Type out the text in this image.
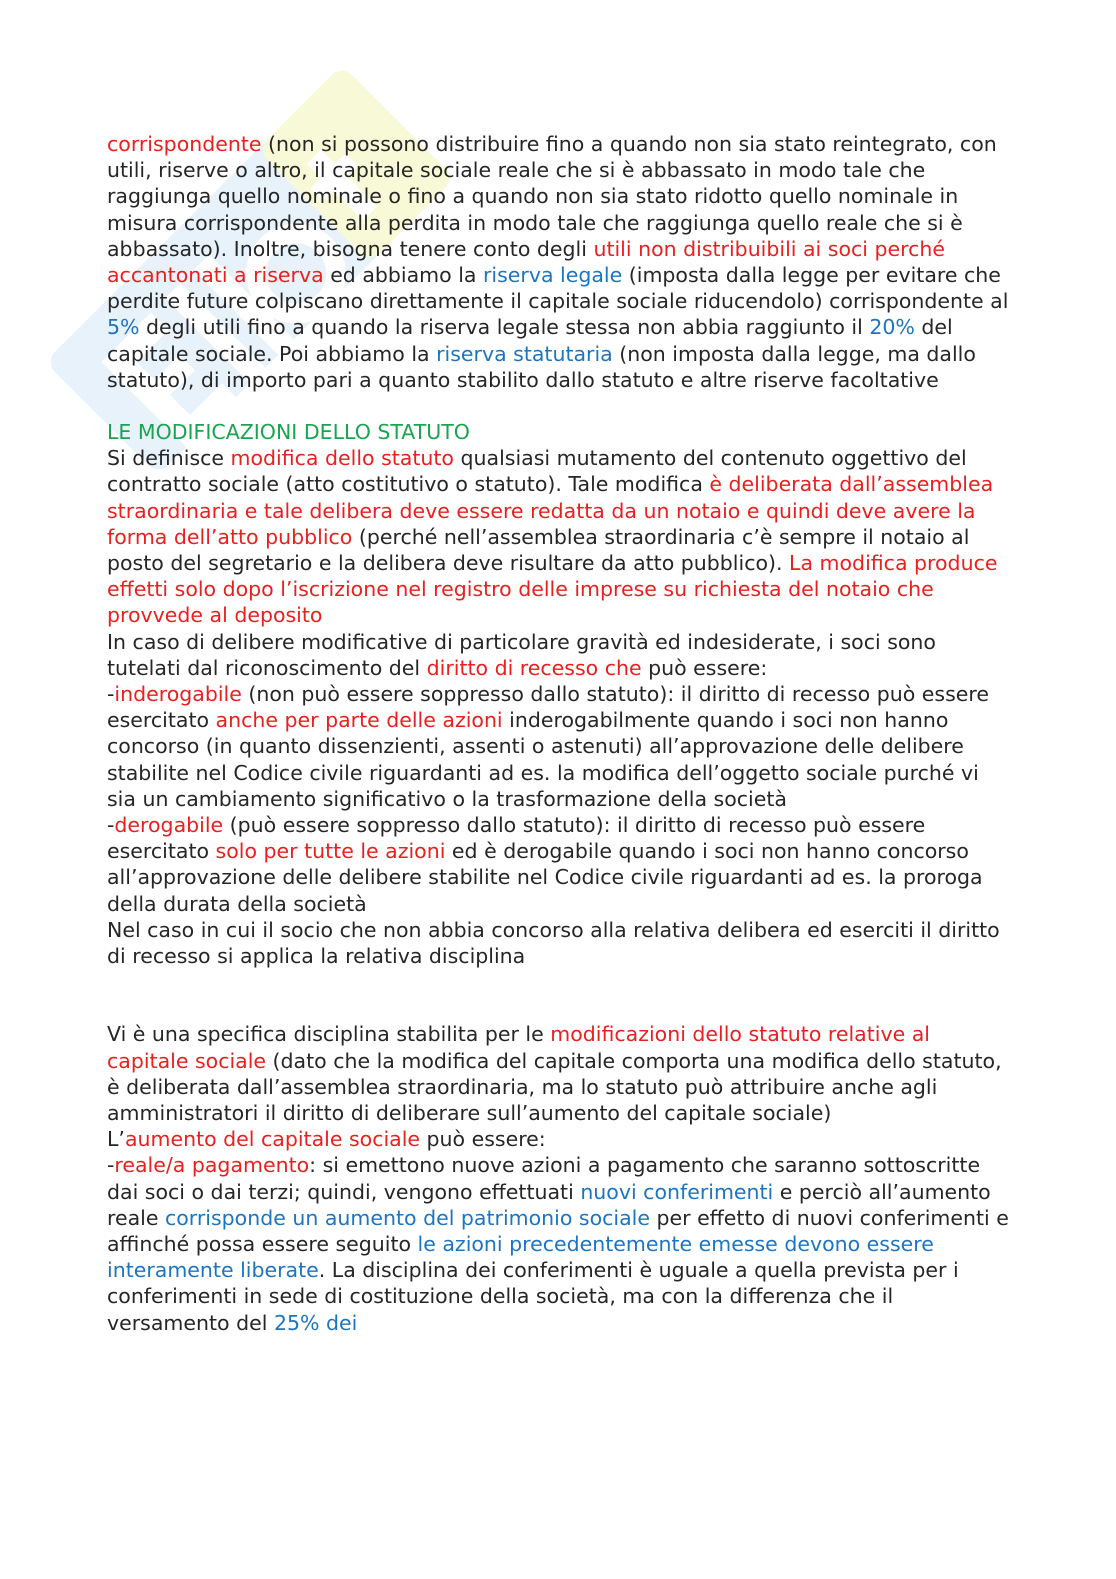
corrispondente (non si possono distribuire fino a quando non sia stato reintegrato, con utili, riserve o altro, il capitale sociale reale che si è abbassato in modo tale che raggiunga quello nominale o fino a quando non sia stato ridotto quello nominale in misura corrispondente alla perdita in modo tale che raggiunga quello reale che si è abbassato). Inoltre, bisogna tenere conto degli utili non distribuibili ai soci perché accantonati a riserva ed abbiamo la riserva legale (imposta dalla legge per evitare che perdite future colpiscano direttamente il capitale sociale riducendolo) corrispondente al 5% degli utili fino a quando la riserva legale stessa non abbia raggiunto il 20% del capitale sociale. Poi abbiamo la riserva statutaria (non imposta dalla legge, ma dallo statuto), di importo pari a quanto stabilito dallo statuto e altre riserve facoltative

LE MODIFICAZIONI DELLO STATUTO

Si definisce modifica dello statuto qualsiasi mutamento del contenuto oggettivo del contratto sociale (atto costitutivo o statuto). Tale modifica è deliberata dall’assemblea straordinaria e tale delibera deve essere redatta da un notaio e quindi deve avere la forma dell’atto pubblico (perché nell’assemblea straordinaria c’è sempre il notaio al posto del segretario e la delibera deve risultare da atto pubblico). La modifica produce effetti solo dopo l’iscrizione nel registro delle imprese su richiesta del notaio che provvede al deposito

In caso di delibere modificative di particolare gravità ed indesiderate, i soci sono tutelati dal riconoscimento del diritto di recesso che può essere:

-inderogabile (non può essere soppresso dallo statuto): il diritto di recesso può essere esercitato anche per parte delle azioni inderogabilmente quando i soci non hanno concorso (in quanto dissenzienti, assenti o astenuti) all’approvazione delle delibere stabilite nel Codice civile riguardanti ad es. la modifica dell’oggetto sociale purché vi sia un cambiamento significativo o la trasformazione della società

-derogabile (può essere soppresso dallo statuto): il diritto di recesso può essere esercitato solo per tutte le azioni ed è derogabile quando i soci non hanno concorso all’approvazione delle delibere stabilite nel Codice civile riguardanti ad es. la proroga della durata della società

Nel caso in cui il socio che non abbia concorso alla relativa delibera ed eserciti il diritto di recesso si applica la relativa disciplina

Vi è una specifica disciplina stabilita per le modificazioni dello statuto relative al capitale sociale (dato che la modifica del capitale comporta una modifica dello statuto, è deliberata dall’assemblea straordinaria, ma lo statuto può attribuire anche agli amministratori il diritto di deliberare sull’aumento del capitale sociale)

L’aumento del capitale sociale può essere:

-reale/a pagamento: si emettono nuove azioni a pagamento che saranno sottoscritte dai soci o dai terzi; quindi, vengono effettuati nuovi conferimenti e perciò all’aumento reale corrisponde un aumento del patrimonio sociale per effetto di nuovi conferimenti e affinché possa essere seguito le azioni precedentemente emesse devono essere interamente liberate. La disciplina dei conferimenti è uguale a quella prevista per i conferimenti in sede di costituzione della società, ma con la differenza che il versamento del 25% dei
